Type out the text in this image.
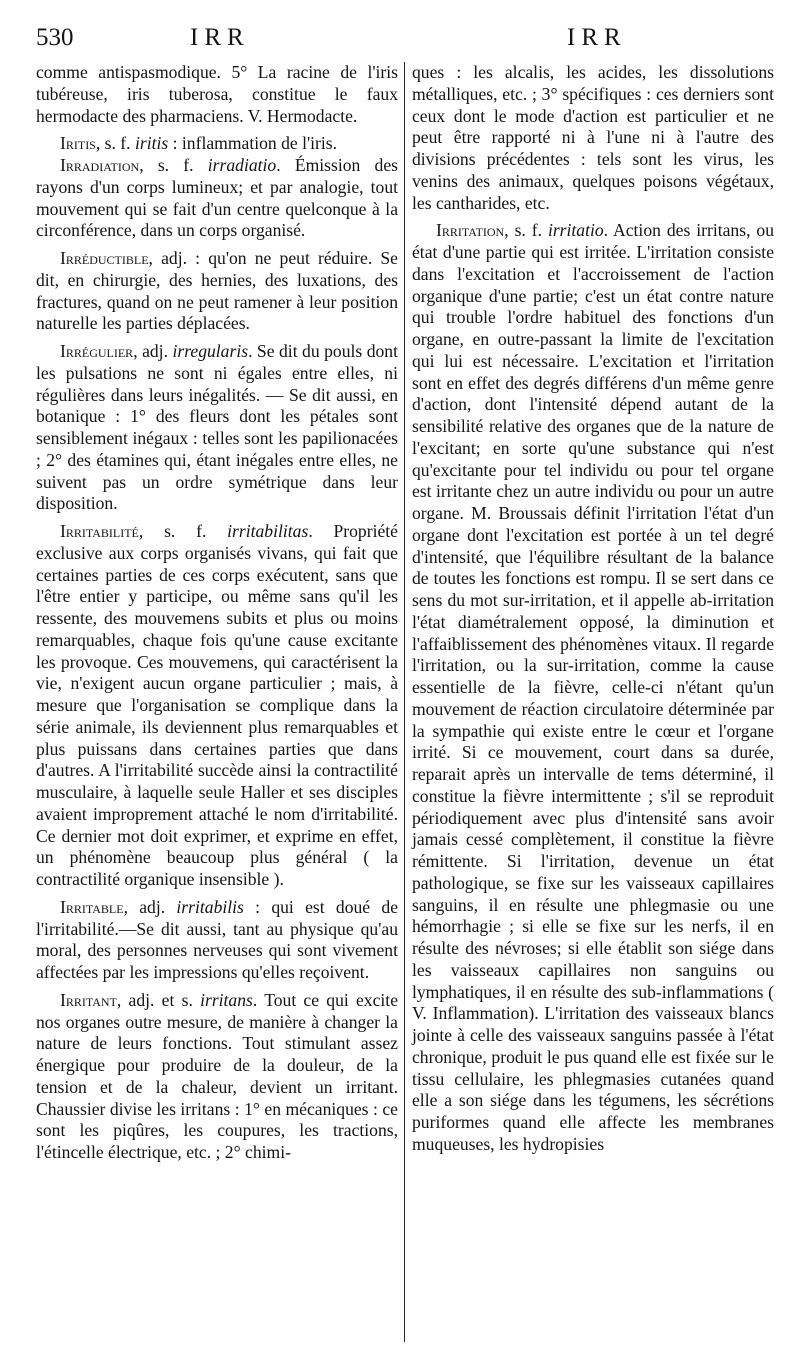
530	IRR	IRR

comme antispasmodique. 5° La racine de l'iris tubéreuse, iris tuberosa, constitue le faux hermodacte des pharmaciens. V. Hermodacte.

Iritis, s. f. iritis : inflammation de l'iris.

Irradiation, s. f. irradiatio. Émission des rayons d'un corps lumineux; et par analogie, tout mouvement qui se fait d'un centre quelconque à la circonférence, dans un corps organisé.

Irréductible, adj. : qu'on ne peut réduire. Se dit, en chirurgie, des hernies, des luxations, des fractures, quand on ne peut ramener à leur position naturelle les parties déplacées.

Irrégulier, adj. irregularis. Se dit du pouls dont les pulsations ne sont ni égales entre elles, ni régulières dans leurs inégalités. — Se dit aussi, en botanique : 1° des fleurs dont les pétales sont sensiblement inégaux : telles sont les papilionacées ; 2° des étamines qui, étant inégales entre elles, ne suivent pas un ordre symétrique dans leur disposition.

Irritabilité, s. f. irritabilitas. Propriété exclusive aux corps organisés vivans, qui fait que certaines parties de ces corps exécutent, sans que l'être entier y participe, ou même sans qu'il les ressente, des mouvemens subits et plus ou moins remarquables, chaque fois qu'une cause excitante les provoque. Ces mouvemens, qui caractérisent la vie, n'exigent aucun organe particulier ; mais, à mesure que l'organisation se complique dans la série animale, ils deviennent plus remarquables et plus puissans dans certaines parties que dans d'autres. A l'irritabilité succède ainsi la contractilité musculaire, à laquelle seule Haller et ses disciples avaient improprement attaché le nom d'irritabilité. Ce dernier mot doit exprimer, et exprime en effet, un phénomène beaucoup plus général ( la contractilité organique insensible ).

Irritable, adj. irritabilis : qui est doué de l'irritabilité.—Se dit aussi, tant au physique qu'au moral, des personnes nerveuses qui sont vivement affectées par les impressions qu'elles reçoivent.

Irritant, adj. et s. irritans. Tout ce qui excite nos organes outre mesure, de manière à changer la nature de leurs fonctions. Tout stimulant assez énergique pour produire de la douleur, de la tension et de la chaleur, devient un irritant. Chaussier divise les irritans : 1° en mécaniques : ce sont les piqûres, les coupures, les tractions, l'étincelle électrique, etc. ; 2° chimi-

ques : les alcalis, les acides, les dissolutions métalliques, etc. ; 3° spécifiques : ces derniers sont ceux dont le mode d'action est particulier et ne peut être rapporté ni à l'une ni à l'autre des divisions précédentes : tels sont les virus, les venins des animaux, quelques poisons végétaux, les cantharides, etc.

Irritation, s. f. irritatio. Action des irritans, ou état d'une partie qui est irritée. L'irritation consiste dans l'excitation et l'accroissement de l'action organique d'une partie; c'est un état contre nature qui trouble l'ordre habituel des fonctions d'un organe, en outre-passant la limite de l'excitation qui lui est nécessaire. L'excitation et l'irritation sont en effet des degrés différens d'un même genre d'action, dont l'intensité dépend autant de la sensibilité relative des organes que de la nature de l'excitant; en sorte qu'une substance qui n'est qu'excitante pour tel individu ou pour tel organe est irritante chez un autre individu ou pour un autre organe. M. Broussais définit l'irritation l'état d'un organe dont l'excitation est portée à un tel degré d'intensité, que l'équilibre résultant de la balance de toutes les fonctions est rompu. Il se sert dans ce sens du mot sur-irritation, et il appelle ab-irritation l'état diamétralement opposé, la diminution et l'affaiblissement des phénomènes vitaux. Il regarde l'irritation, ou la sur-irritation, comme la cause essentielle de la fièvre, celle-ci n'étant qu'un mouvement de réaction circulatoire déterminée par la sympathie qui existe entre le cœur et l'organe irrité. Si ce mouvement, court dans sa durée, reparait après un intervalle de tems déterminé, il constitue la fièvre intermittente ; s'il se reproduit périodiquement avec plus d'intensité sans avoir jamais cessé complètement, il constitue la fièvre rémittente. Si l'irritation, devenue un état pathologique, se fixe sur les vaisseaux capillaires sanguins, il en résulte une phlegmasie ou une hémorrhagie ; si elle se fixe sur les nerfs, il en résulte des névroses; si elle établit son siége dans les vaisseaux capillaires non sanguins ou lymphatiques, il en résulte des sub-inflammations ( V. Inflammation). L'irritation des vaisseaux blancs jointe à celle des vaisseaux sanguins passée à l'état chronique, produit le pus quand elle est fixée sur le tissu cellulaire, les phlegmasies cutanées quand elle a son siége dans les tégumens, les sécrétions puriformes quand elle affecte les membranes muqueuses, les hydropisies
